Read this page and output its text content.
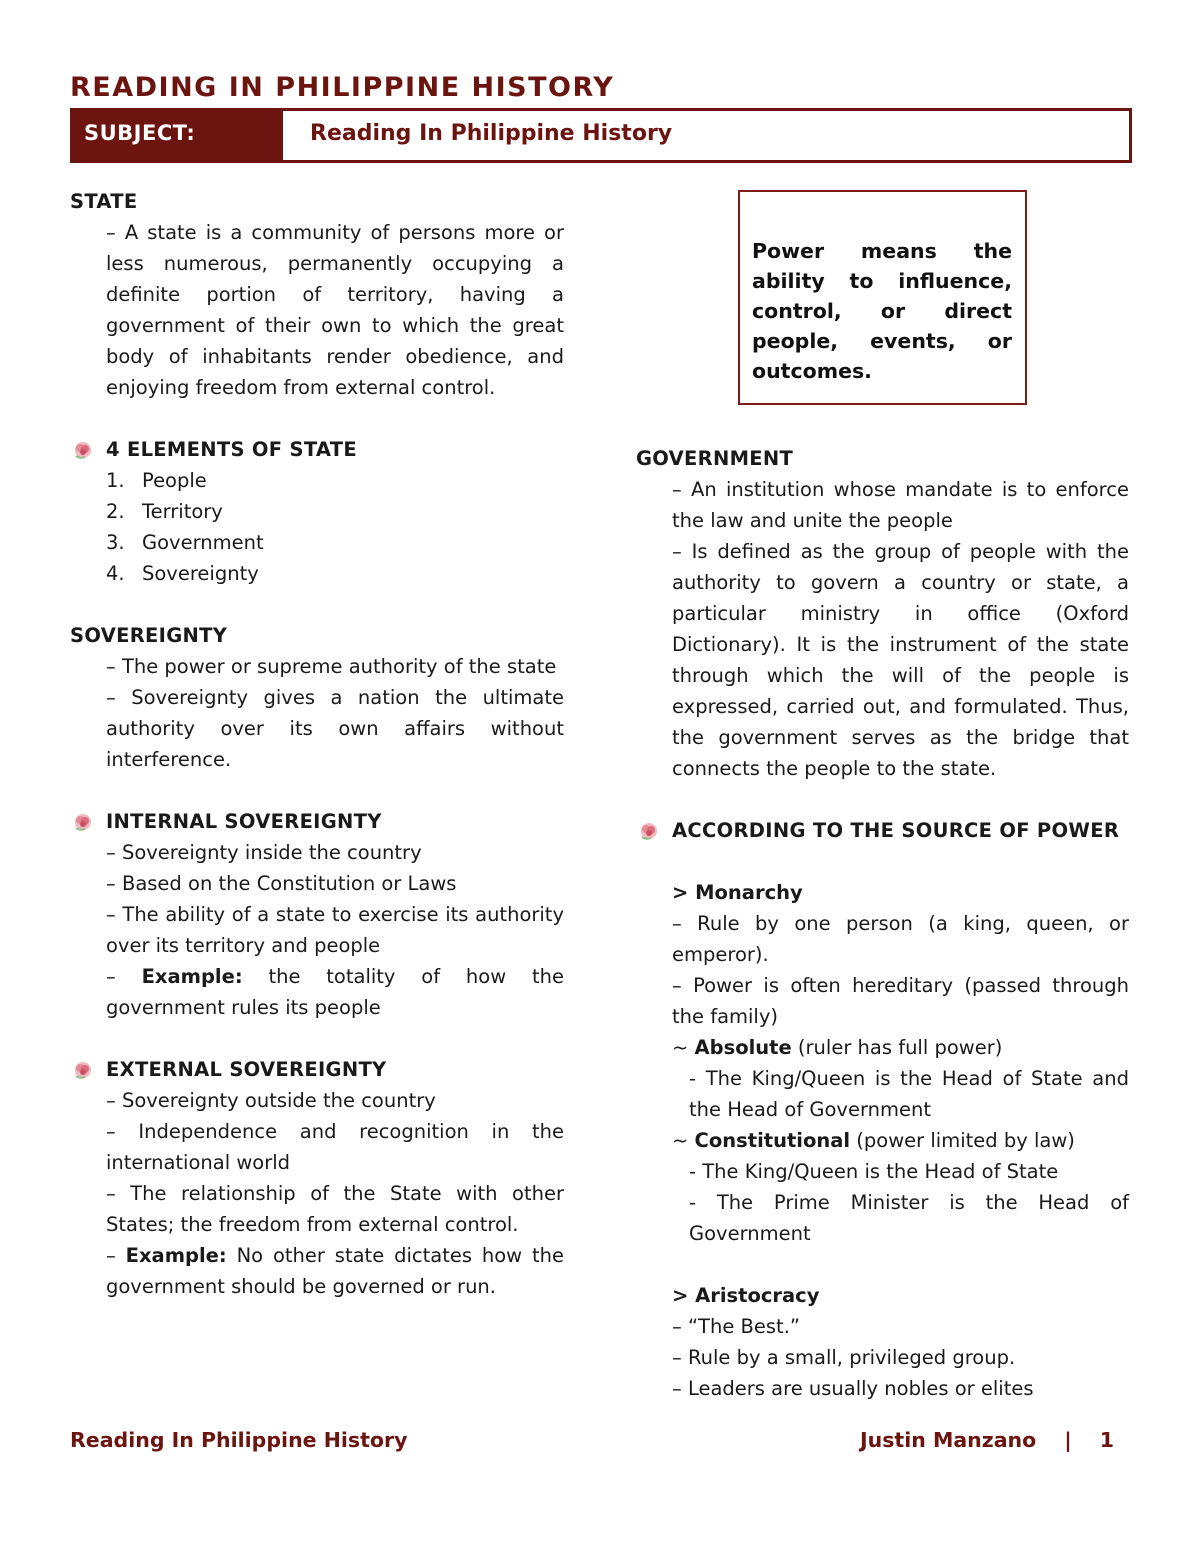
READING IN PHILIPPINE HISTORY
SUBJECT:	Reading In Philippine History
STATE
– A state is a community of persons more or less numerous, permanently occupying a definite portion of territory, having a government of their own to which the great body of inhabitants render obedience, and enjoying freedom from external control.
4 ELEMENTS OF STATE
1. People
2. Territory
3. Government
4. Sovereignty
SOVEREIGNTY
– The power or supreme authority of the state
– Sovereignty gives a nation the ultimate authority over its own affairs without interference.
INTERNAL SOVEREIGNTY
– Sovereignty inside the country
– Based on the Constitution or Laws
– The ability of a state to exercise its authority over its territory and people
– Example: the totality of how the government rules its people
EXTERNAL SOVEREIGNTY
– Sovereignty outside the country
– Independence and recognition in the international world
– The relationship of the State with other States; the freedom from external control.
– Example: No other state dictates how the government should be governed or run.
Power means the ability to influence, control, or direct people, events, or outcomes.
GOVERNMENT
– An institution whose mandate is to enforce the law and unite the people
– Is defined as the group of people with the authority to govern a country or state, a particular ministry in office (Oxford Dictionary). It is the instrument of the state through which the will of the people is expressed, carried out, and formulated. Thus, the government serves as the bridge that connects the people to the state.
ACCORDING TO THE SOURCE OF POWER
> Monarchy
– Rule by one person (a king, queen, or emperor).
– Power is often hereditary (passed through the family)
~ Absolute (ruler has full power)
- The King/Queen is the Head of State and the Head of Government
~ Constitutional (power limited by law)
- The King/Queen is the Head of State
- The Prime Minister is the Head of Government
> Aristocracy
– “The Best.”
– Rule by a small, privileged group.
– Leaders are usually nobles or elites
Reading In Philippine History	Justin Manzano | 1
